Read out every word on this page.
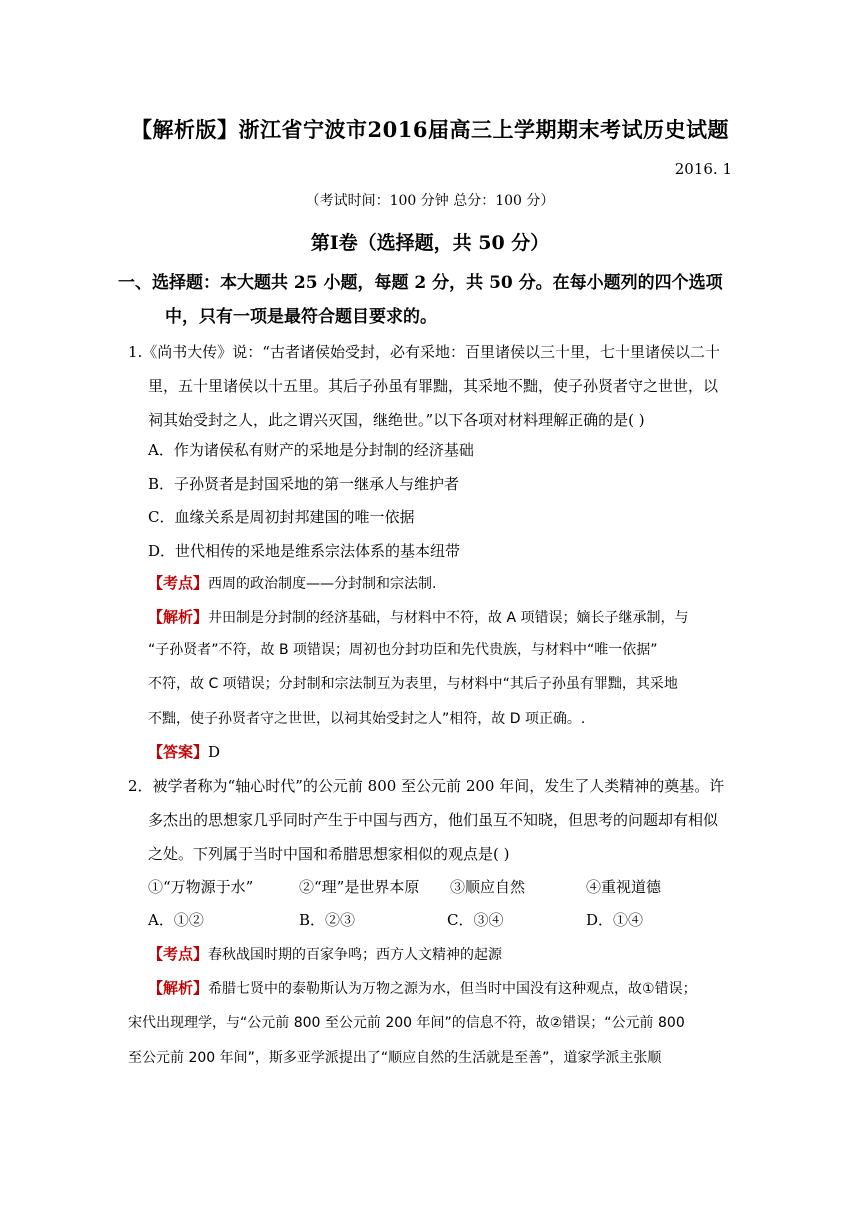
【解析版】浙江省宁波市2016届高三上学期期末考试历史试题
2016. 1
（考试时间：100 分钟 总分：100 分）
第Ⅰ卷（选择题，共 50 分）
一、选择题：本大题共 25 小题，每题 2 分，共 50 分。在每小题列的四个选项
中，只有一项是最符合题目要求的。
1.《尚书大传》说：“古者诸侯始受封，必有采地：百里诸侯以三十里，七十里诸侯以二十
里，五十里诸侯以十五里。其后子孙虽有罪黜，其采地不黜，使子孙贤者守之世世，以
祠其始受封之人，此之谓兴灭国，继绝世。”以下各项对材料理解正确的是( )
A．作为诸侯私有财产的采地是分封制的经济基础
B．子孙贤者是封国采地的第一继承人与维护者
C．血缘关系是周初封邦建国的唯一依据
D．世代相传的采地是维系宗法体系的基本纽带
【考点】西周的政治制度——分封制和宗法制.
【解析】井田制是分封制的经济基础，与材料中不符，故 A 项错误；嫡长子继承制，与
“子孙贤者”不符，故 B 项错误；周初也分封功臣和先代贵族，与材料中“唯一依据”
不符，故 C 项错误；分封制和宗法制互为表里，与材料中“其后子孙虽有罪黜，其采地
不黜，使子孙贤者守之世世，以祠其始受封之人”相符，故 D 项正确。.
【答案】D
2．被学者称为“轴心时代”的公元前 800 至公元前 200 年间，发生了人类精神的奠基。许
多杰出的思想家几乎同时产生于中国与西方，他们虽互不知晓，但思考的问题却有相似
之处。下列属于当时中国和希腊思想家相似的观点是( )
①“万物源于水”	②“理”是世界本原 ③顺应自然	④重视道德
A．①②	B．②③	C．③④	D．①④
【考点】春秋战国时期的百家争鸣；西方人文精神的起源
【解析】希腊七贤中的泰勒斯认为万物之源为水，但当时中国没有这种观点，故①错误；
宋代出现理学，与“公元前 800 至公元前 200 年间”的信息不符，故②错误；“公元前 800
至公元前 200 年间”，斯多亚学派提出了“顺应自然的生活就是至善”，道家学派主张顺
